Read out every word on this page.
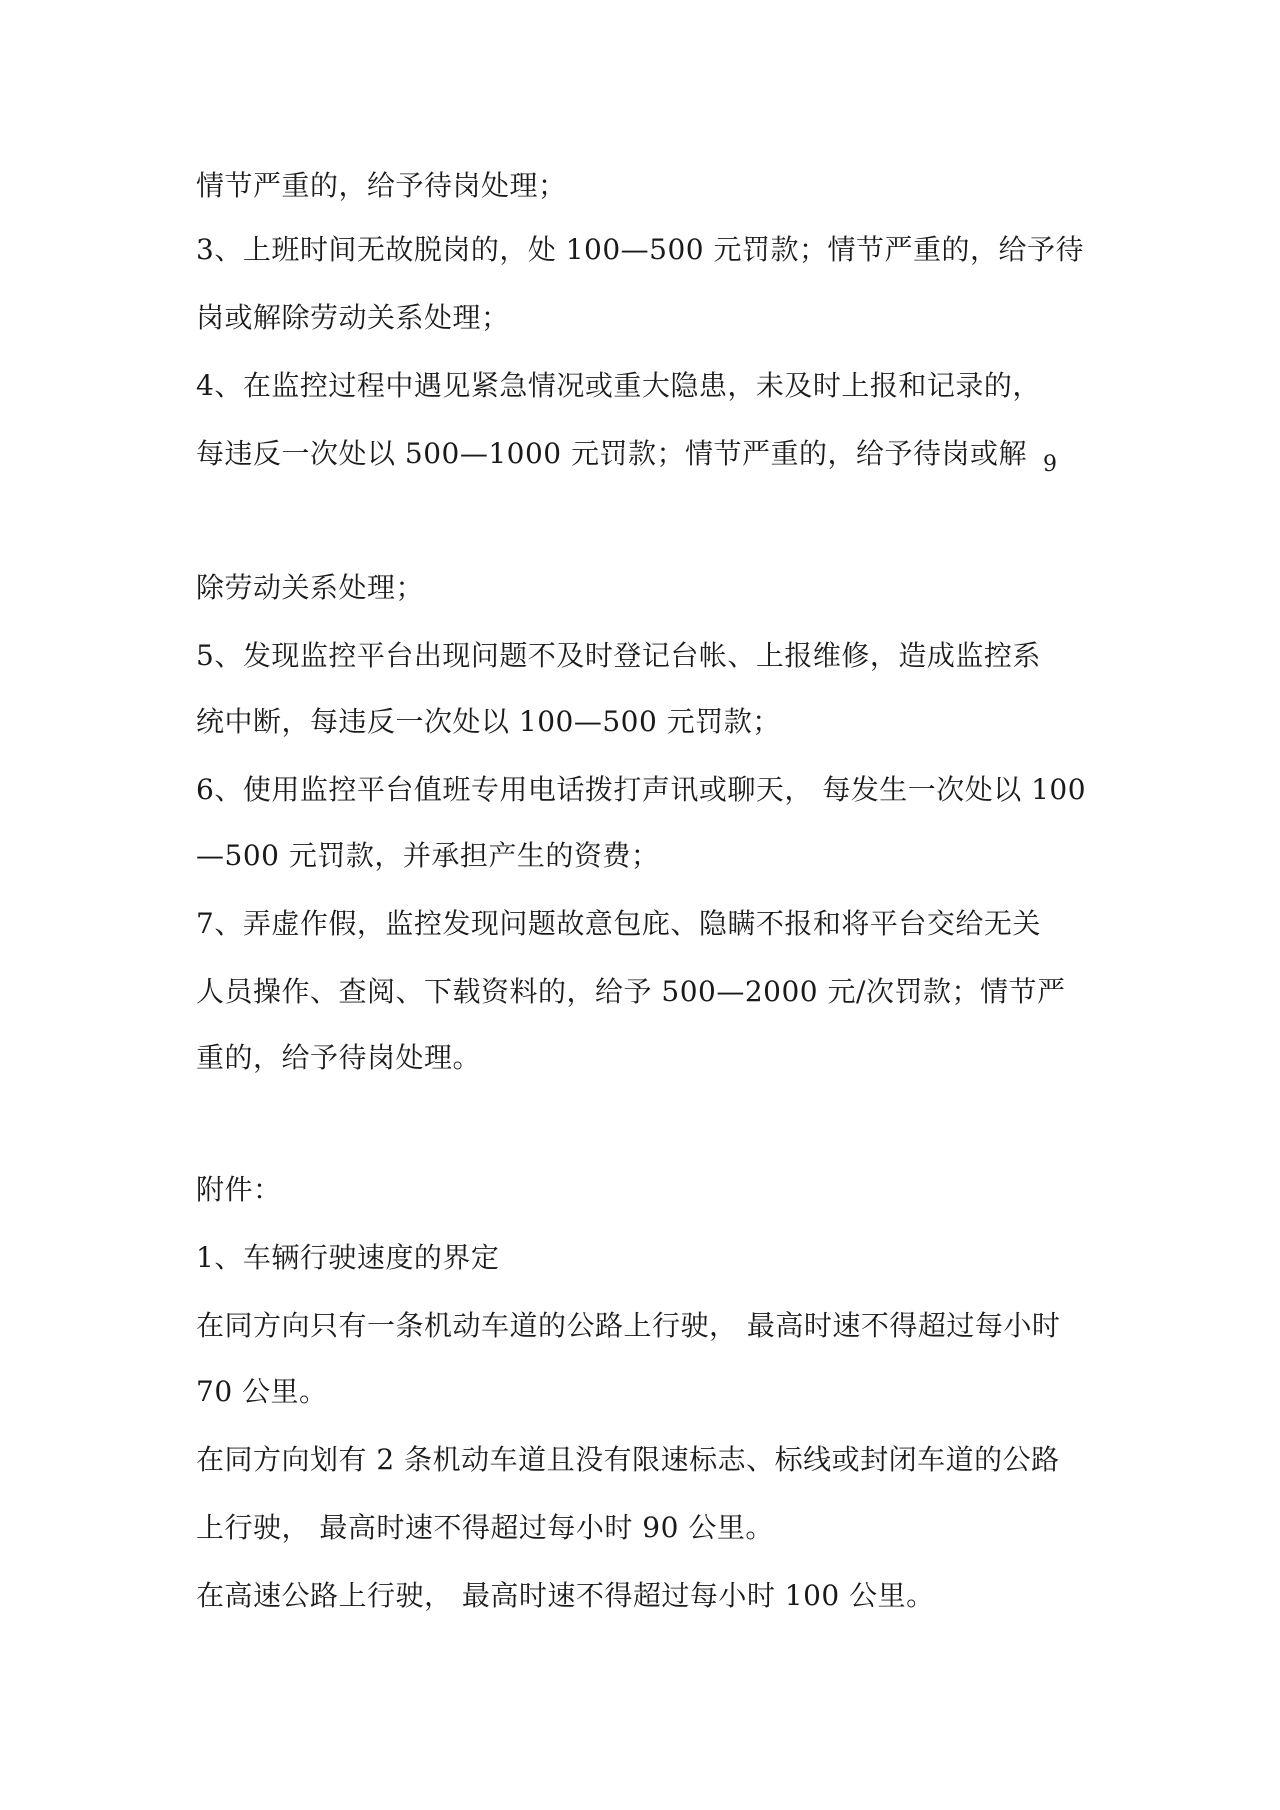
情节严重的，给予待岗处理；

3、上班时间无故脱岗的，处 100—500 元罚款；情节严重的，给予待

岗或解除劳动关系处理；

4、在监控过程中遇见紧急情况或重大隐患，未及时上报和记录的，

每违反一次处以 500—1000 元罚款；情节严重的，给予待岗或解 9

除劳动关系处理；

5、发现监控平台出现问题不及时登记台帐、上报维修，造成监控系

统中断，每违反一次处以 100—500 元罚款；

6、使用监控平台值班专用电话拨打声讯或聊天， 每发生一次处以 100

—500 元罚款，并承担产生的资费；

7、弄虚作假，监控发现问题故意包庇、隐瞒不报和将平台交给无关

人员操作、查阅、下载资料的，给予 500—2000 元/次罚款；情节严

重的，给予待岗处理。

附件：

1、车辆行驶速度的界定

在同方向只有一条机动车道的公路上行驶， 最高时速不得超过每小时

70 公里。

在同方向划有 2 条机动车道且没有限速标志、标线或封闭车道的公路

上行驶， 最高时速不得超过每小时 90 公里。

在高速公路上行驶， 最高时速不得超过每小时 100 公里。
